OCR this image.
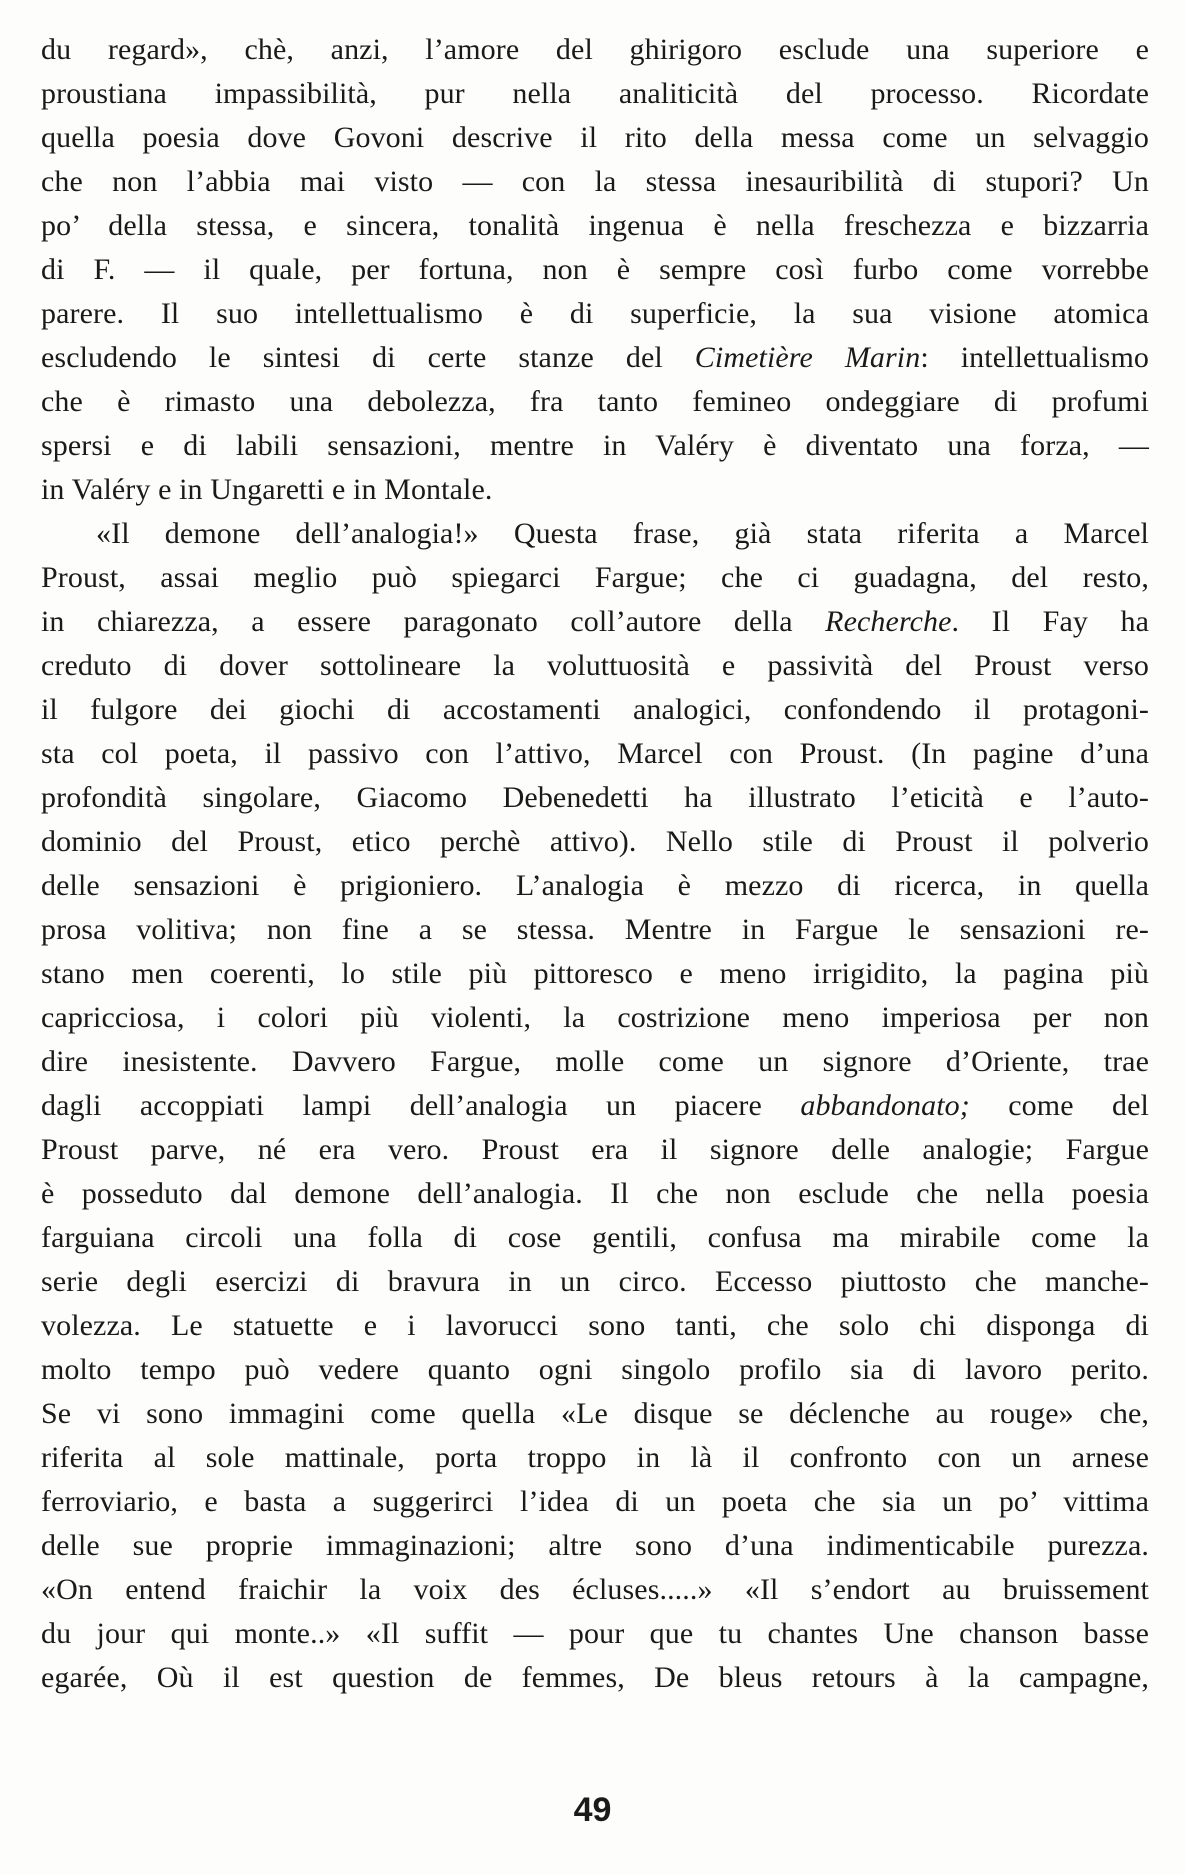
du regard», chè, anzi, l’amore del ghirigoro esclude una superiore e
proustiana impassibilità, pur nella analiticità del processo. Ricordate
quella poesia dove Govoni descrive il rito della messa come un selvaggio
che non l’abbia mai visto — con la stessa inesauribilità di stupori? Un
po’ della stessa, e sincera, tonalità ingenua è nella freschezza e bizzarria
di F. — il quale, per fortuna, non è sempre così furbo come vorrebbe
parere. Il suo intellettualismo è di superficie, la sua visione atomica
escludendo le sintesi di certe stanze del Cimetière Marin: intellettualismo
che è rimasto una debolezza, fra tanto femineo ondeggiare di profumi
spersi e di labili sensazioni, mentre in Valéry è diventato una forza, —
in Valéry e in Ungaretti e in Montale.
«Il demone dell’analogia!» Questa frase, già stata riferita a Marcel
Proust, assai meglio può spiegarci Fargue; che ci guadagna, del resto,
in chiarezza, a essere paragonato coll’autore della Recherche. Il Fay ha
creduto di dover sottolineare la voluttuosità e passività del Proust verso
il fulgore dei giochi di accostamenti analogici, confondendo il protagoni-
sta col poeta, il passivo con l’attivo, Marcel con Proust. (In pagine d’una
profondità singolare, Giacomo Debenedetti ha illustrato l’eticità e l’auto-
dominio del Proust, etico perchè attivo). Nello stile di Proust il polverio
delle sensazioni è prigioniero. L’analogia è mezzo di ricerca, in quella
prosa volitiva; non fine a se stessa. Mentre in Fargue le sensazioni re-
stano men coerenti, lo stile più pittoresco e meno irrigidito, la pagina più
capricciosa, i colori più violenti, la costrizione meno imperiosa per non
dire inesistente. Davvero Fargue, molle come un signore d’Oriente, trae
dagli accoppiati lampi dell’analogia un piacere abbandonato; come del
Proust parve, né era vero. Proust era il signore delle analogie; Fargue
è posseduto dal demone dell’analogia. Il che non esclude che nella poesia
farguiana circoli una folla di cose gentili, confusa ma mirabile come la
serie degli esercizi di bravura in un circo. Eccesso piuttosto che manche-
volezza. Le statuette e i lavorucci sono tanti, che solo chi disponga di
molto tempo può vedere quanto ogni singolo profilo sia di lavoro perito.
Se vi sono immagini come quella «Le disque se déclenche au rouge» che,
riferita al sole mattinale, porta troppo in là il confronto con un arnese
ferroviario, e basta a suggerirci l’idea di un poeta che sia un po’ vittima
delle sue proprie immaginazioni; altre sono d’una indimenticabile purezza.
«On entend fraichir la voix des écluses.....» «Il s’endort au bruissement
du jour qui monte..» «Il suffit — pour que tu chantes Une chanson basse
egarée, Où il est question de femmes, De bleus retours à la campagne,
49
